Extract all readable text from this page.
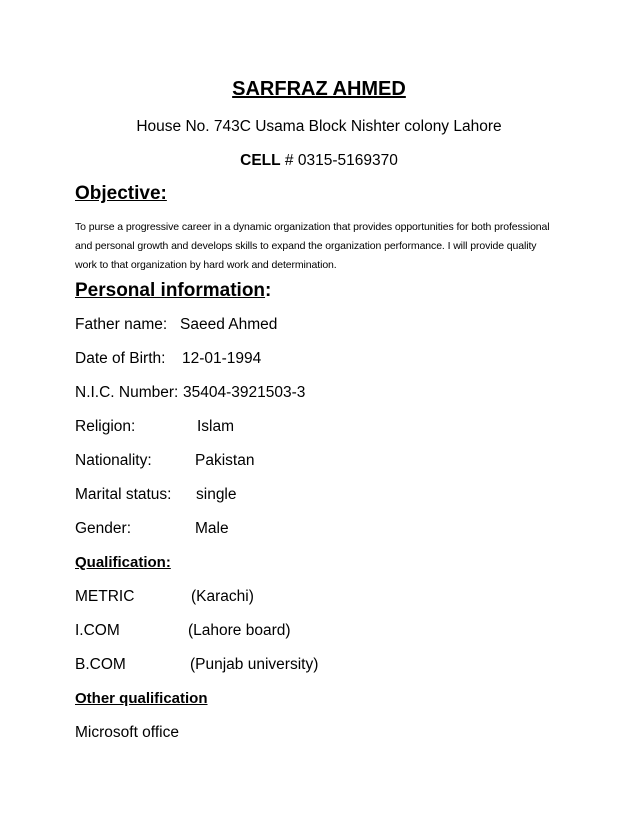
SARFRAZ AHMED
House No. 743C Usama Block Nishter colony Lahore
CELL # 0315-5169370
Objective:
To purse a progressive career in a dynamic organization that provides opportunities for both professional and personal growth and develops skills to expand the organization performance. I will provide quality work to that organization by hard work and determination.
Personal information:
Father name: Saeed Ahmed
Date of Birth: 12-01-1994
N.I.C. Number: 35404-3921503-3
Religion:	Islam
Nationality:	Pakistan
Marital status: single
Gender:	Male
Qualification:
METRIC	(Karachi)
I.COM	(Lahore board)
B.COM	(Punjab university)
Other qualification
Microsoft office
